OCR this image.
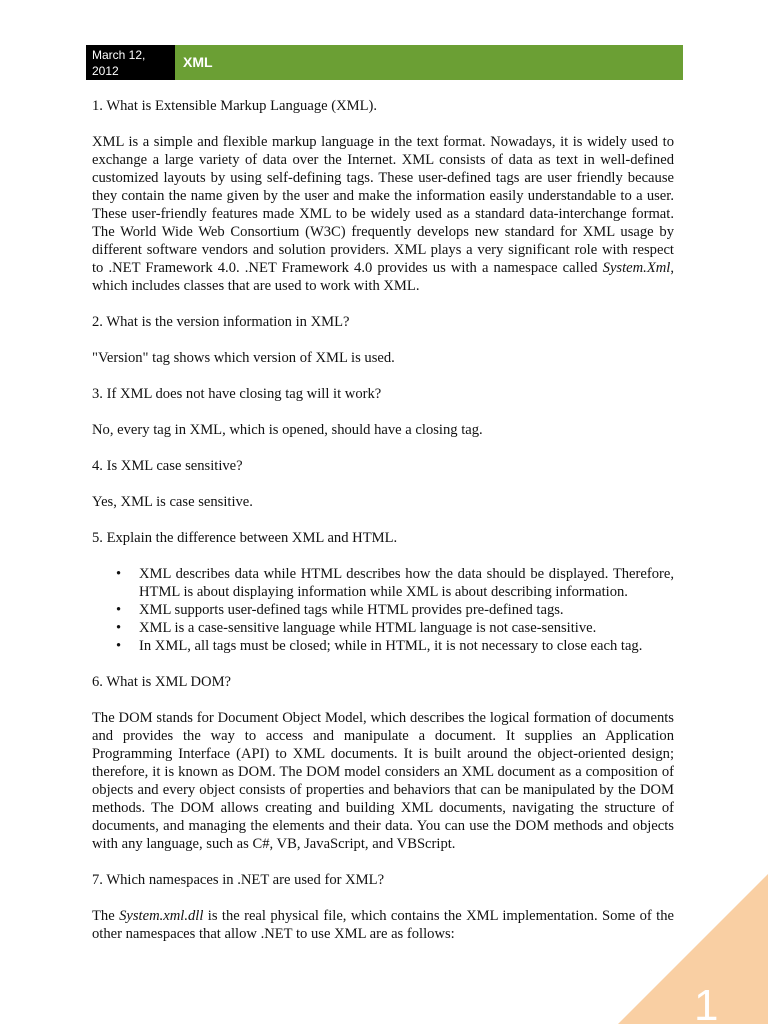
March 12,
2012
XML

1. What is Extensible Markup Language (XML).

XML is a simple and flexible markup language in the text format. Nowadays, it is widely used to exchange a large variety of data over the Internet. XML consists of data as text in well-defined customized layouts by using self-defining tags. These user-defined tags are user friendly because they contain the name given by the user and make the information easily understandable to a user. These user-friendly features made XML to be widely used as a standard data-interchange format. The World Wide Web Consortium (W3C) frequently develops new standard for XML usage by different software vendors and solution providers. XML plays a very significant role with respect to .NET Framework 4.0. .NET Framework 4.0 provides us with a namespace called System.Xml, which includes classes that are used to work with XML.

2. What is the version information in XML?

"Version" tag shows which version of XML is used.

3. If XML does not have closing tag will it work?

No, every tag in XML, which is opened, should have a closing tag.

4. Is XML case sensitive?

Yes, XML is case sensitive.

5. Explain the difference between XML and HTML.

• XML describes data while HTML describes how the data should be displayed. Therefore, HTML is about displaying information while XML is about describing information.
• XML supports user-defined tags while HTML provides pre-defined tags.
• XML is a case-sensitive language while HTML language is not case-sensitive.
• In XML, all tags must be closed; while in HTML, it is not necessary to close each tag.

6. What is XML DOM?

The DOM stands for Document Object Model, which describes the logical formation of documents and provides the way to access and manipulate a document. It supplies an Application Programming Interface (API) to XML documents. It is built around the object-oriented design; therefore, it is known as DOM. The DOM model considers an XML document as a composition of objects and every object consists of properties and behaviors that can be manipulated by the DOM methods. The DOM allows creating and building XML documents, navigating the structure of documents, and managing the elements and their data. You can use the DOM methods and objects with any language, such as C#, VB, JavaScript, and VBScript.

7. Which namespaces in .NET are used for XML?

The System.xml.dll is the real physical file, which contains the XML implementation. Some of the other namespaces that allow .NET to use XML are as follows:

1
